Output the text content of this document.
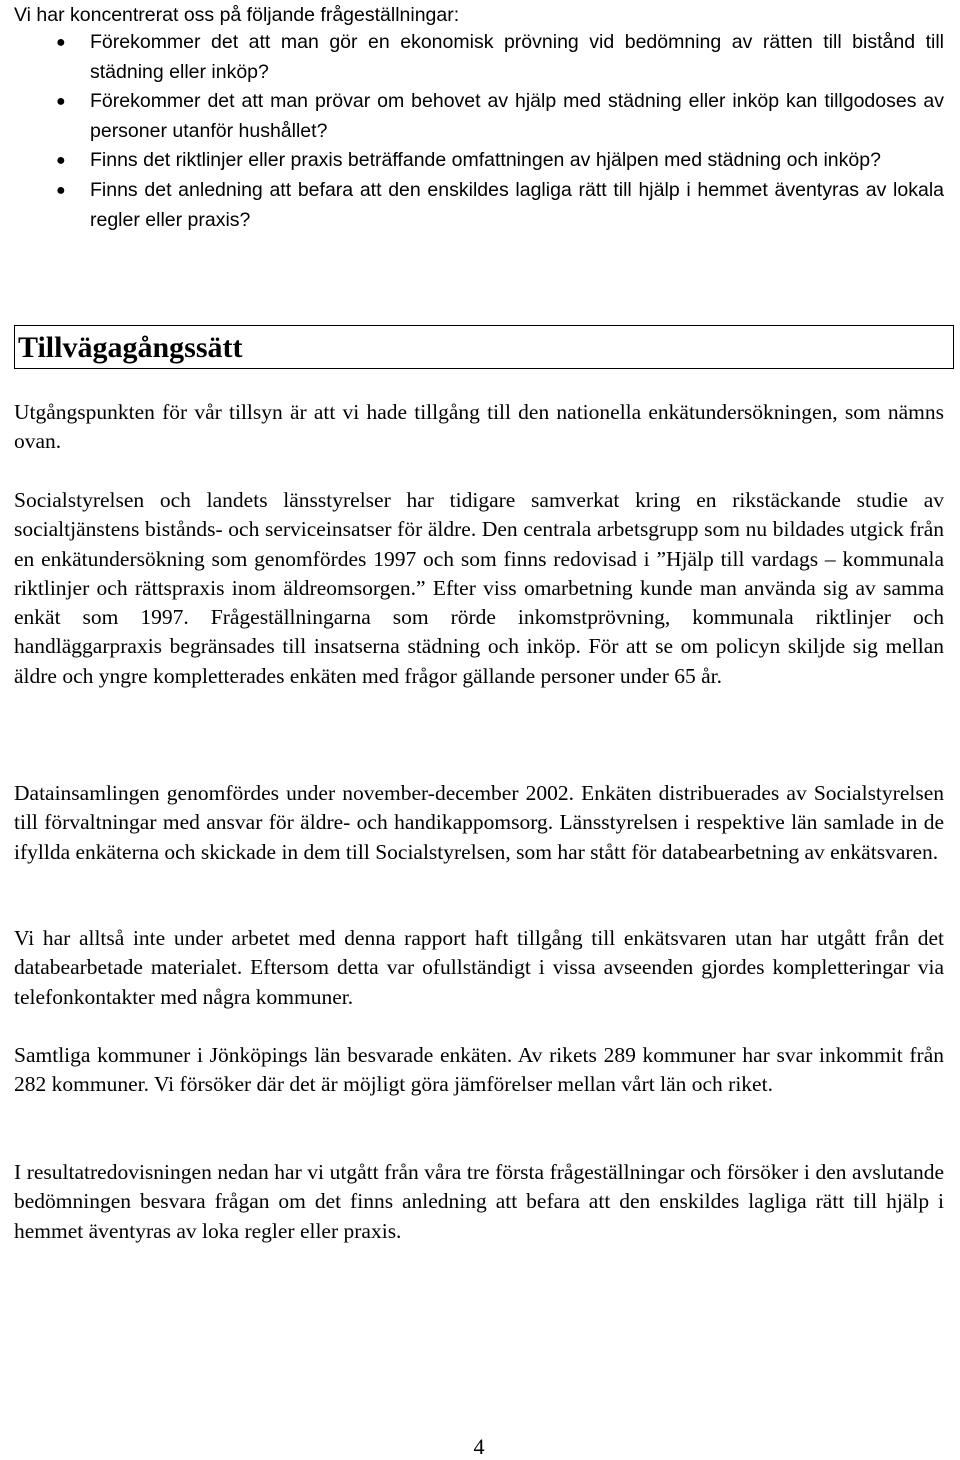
Vi har koncentrerat oss på följande frågeställningar:

● Förekommer det att man gör en ekonomisk prövning vid bedömning av rätten till bistånd till städning eller inköp?
● Förekommer det att man prövar om behovet av hjälp med städning eller inköp kan tillgodoses av personer utanför hushållet?
● Finns det riktlinjer eller praxis beträffande omfattningen av hjälpen med städning och inköp?
● Finns det anledning att befara att den enskildes lagliga rätt till hjälp i hemmet äventyras av lokala regler eller praxis?
Tillvägagångssätt

Utgångspunkten för vår tillsyn är att vi hade tillgång till den nationella enkätundersökningen, som nämns ovan.

Socialstyrelsen och landets länsstyrelser har tidigare samverkat kring en rikstäckande studie av socialtjänstens bistånds- och serviceinsatser för äldre. Den centrala arbetsgrupp som nu bildades utgick från en enkätundersökning som genomfördes 1997 och som finns redovisad i ”Hjälp till vardags – kommunala riktlinjer och rättspraxis inom äldreomsorgen.” Efter viss omarbetning kunde man använda sig av samma enkät som 1997. Frågeställningarna som rörde inkomstprövning, kommunala riktlinjer och handläggarpraxis begränsades till insatserna städning och inköp. För att se om policyn skiljde sig mellan äldre och yngre kompletterades enkäten med frågor gällande personer under 65 år.

Datainsamlingen genomfördes under november-december 2002. Enkäten distribuerades av Socialstyrelsen till förvaltningar med ansvar för äldre- och handikappomsorg. Länsstyrelsen i respektive län samlade in de ifyllda enkäterna och skickade in dem till Socialstyrelsen, som har stått för databearbetning av enkätsvaren.

Vi har alltså inte under arbetet med denna rapport haft tillgång till enkätsvaren utan har utgått från det databearbetade materialet. Eftersom detta var ofullständigt i vissa avseenden gjordes kompletteringar via telefonkontakter med några kommuner.

Samtliga kommuner i Jönköpings län besvarade enkäten. Av rikets 289 kommuner har svar inkommit från 282 kommuner. Vi försöker där det är möjligt göra jämförelser mellan vårt län och riket.

I resultatredovisningen nedan har vi utgått från våra tre första frågeställningar och försöker i den avslutande bedömningen besvara frågan om det finns anledning att befara att den enskildes lagliga rätt till hjälp i hemmet äventyras av loka regler eller praxis.

4
